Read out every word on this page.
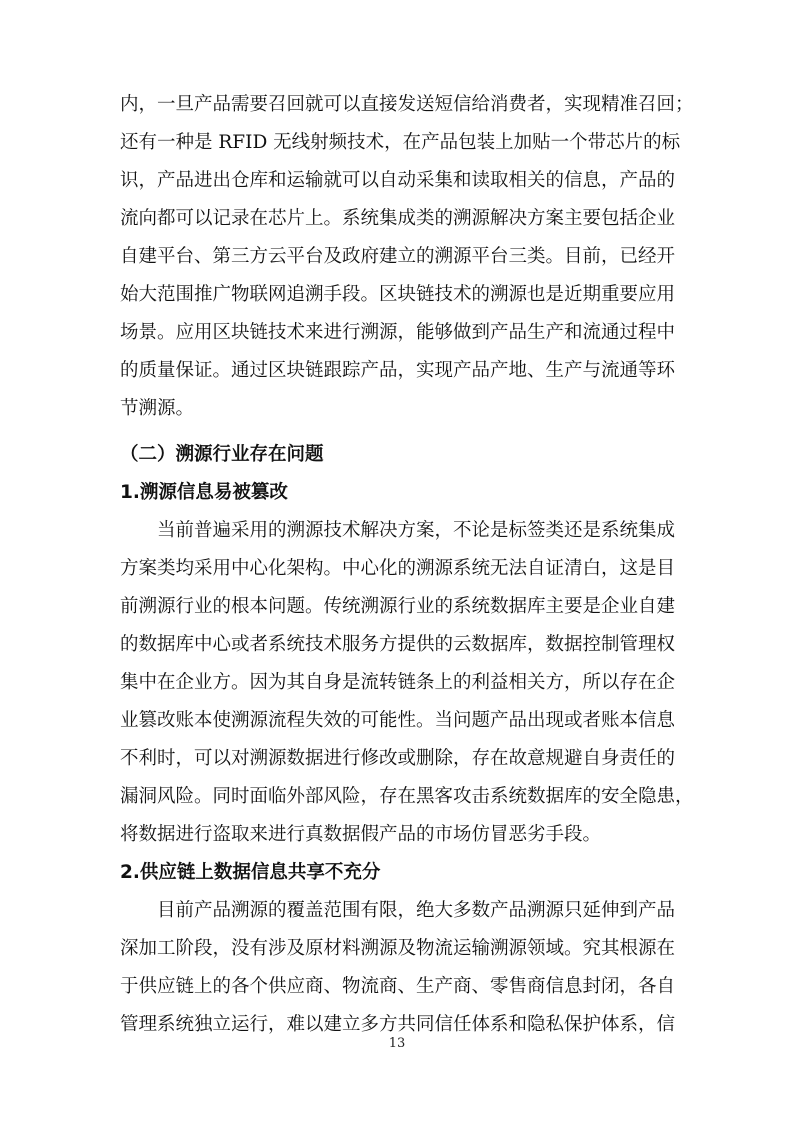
内，一旦产品需要召回就可以直接发送短信给消费者，实现精准召回；
还有一种是 RFID 无线射频技术，在产品包装上加贴一个带芯片的标
识，产品进出仓库和运输就可以自动采集和读取相关的信息，产品的
流向都可以记录在芯片上。系统集成类的溯源解决方案主要包括企业
自建平台、第三方云平台及政府建立的溯源平台三类。目前，已经开
始大范围推广物联网追溯手段。区块链技术的溯源也是近期重要应用
场景。应用区块链技术来进行溯源，能够做到产品生产和流通过程中
的质量保证。通过区块链跟踪产品，实现产品产地、生产与流通等环
节溯源。
（二）溯源行业存在问题
1.溯源信息易被篡改
当前普遍采用的溯源技术解决方案，不论是标签类还是系统集成
方案类均采用中心化架构。中心化的溯源系统无法自证清白，这是目
前溯源行业的根本问题。传统溯源行业的系统数据库主要是企业自建
的数据库中心或者系统技术服务方提供的云数据库，数据控制管理权
集中在企业方。因为其自身是流转链条上的利益相关方，所以存在企
业篡改账本使溯源流程失效的可能性。当问题产品出现或者账本信息
不利时，可以对溯源数据进行修改或删除，存在故意规避自身责任的
漏洞风险。同时面临外部风险，存在黑客攻击系统数据库的安全隐患，
将数据进行盗取来进行真数据假产品的市场仿冒恶劣手段。
2.供应链上数据信息共享不充分
目前产品溯源的覆盖范围有限，绝大多数产品溯源只延伸到产品
深加工阶段，没有涉及原材料溯源及物流运输溯源领域。究其根源在
于供应链上的各个供应商、物流商、生产商、零售商信息封闭，各自
管理系统独立运行，难以建立多方共同信任体系和隐私保护体系，信
13
